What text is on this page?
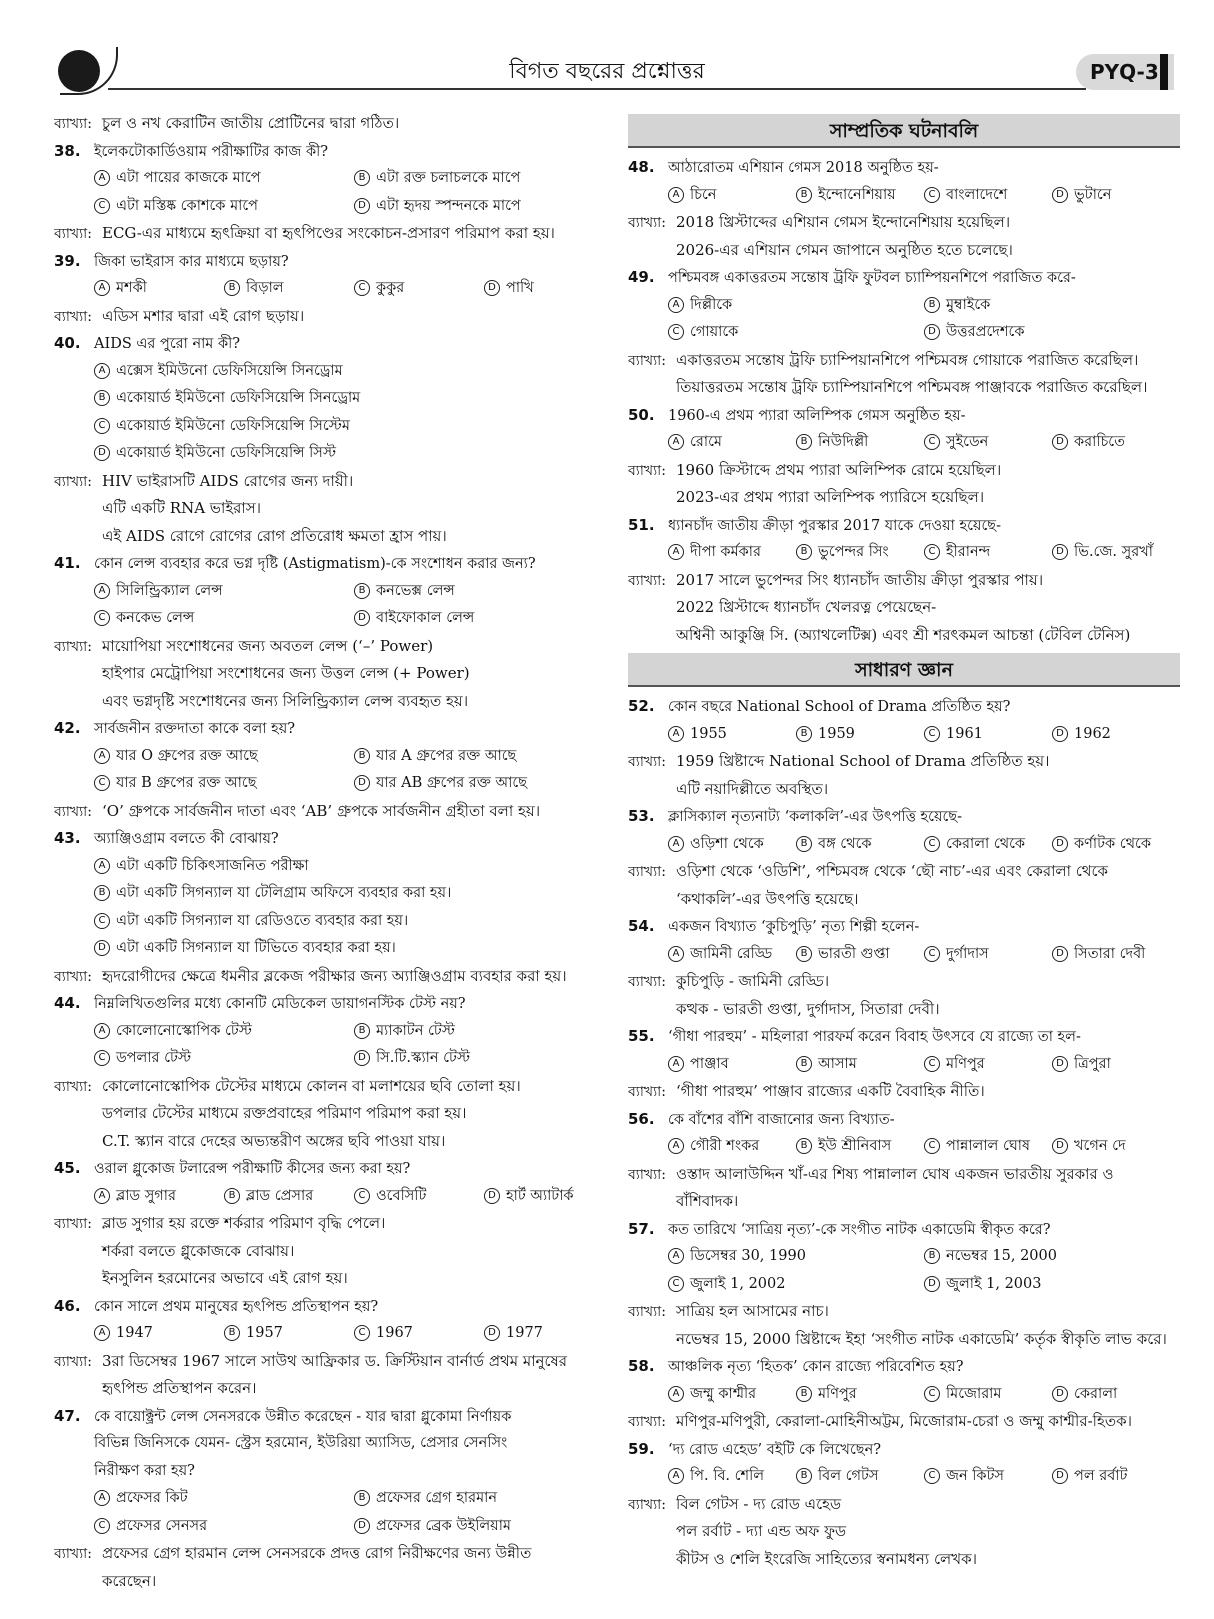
বিগত বছরের প্রশ্নোত্তর	PYQ-3
ব্যাখ্যা: চুল ও নখ কেরাটিন জাতীয় প্রোটিনের দ্বারা গঠিত।
38. ইলেকটোকার্ডিওয়াম পরীক্ষাটির কাজ কী?
A এটা পায়ের কাজকে মাপে	B এটা রক্ত চলাচলকে মাপে
C এটা মস্তিষ্ক কোশকে মাপে	D এটা হৃদয় স্পন্দনকে মাপে
ব্যাখ্যা: ECG-এর মাধ্যমে হৃৎক্রিয়া বা হৃৎপিণ্ডের সংকোচন-প্রসারণ পরিমাপ করা হয়।
39. জিকা ভাইরাস কার মাধ্যমে ছড়ায়?
A মশকী	B বিড়াল	C কুকুর	D পাখি
ব্যাখ্যা: এডিস মশার দ্বারা এই রোগ ছড়ায়।
40. AIDS এর পুরো নাম কী?
A এক্সেস ইমিউনো ডেফিসিয়েন্সি সিনড্রোম
B একোয়ার্ড ইমিউনো ডেফিসিয়েন্সি সিনড্রোম
C একোয়ার্ড ইমিউনো ডেফিসিয়েন্সি সিস্টেম
D একোয়ার্ড ইমিউনো ডেফিসিয়েন্সি সিস্ট
ব্যাখ্যা: HIV ভাইরাসটি AIDS রোগের জন্য দায়ী।
এটি একটি RNA ভাইরাস।
এই AIDS রোগে রোগের রোগ প্রতিরোধ ক্ষমতা হ্রাস পায়।
41. কোন লেন্স ব্যবহার করে ভগ্ন দৃষ্টি (Astigmatism)-কে সংশোধন করার জন্য?
A সিলিন্ড্রিক্যাল লেন্স	B কনভেক্স লেন্স
C কনকেভ লেন্স	D বাইফোকাল লেন্স
ব্যাখ্যা: মায়োপিয়া সংশোধনের জন্য অবতল লেন্স (‘–’ Power)
হাইপার মেট্রোপিয়া সংশোধনের জন্য উত্তল লেন্স (+ Power)
এবং ভগ্নদৃষ্টি সংশোধনের জন্য সিলিন্ড্রিক্যাল লেন্স ব্যবহৃত হয়।
42. সার্বজনীন রক্তদাতা কাকে বলা হয়?
A যার O গ্রুপের রক্ত আছে	B যার A গ্রুপের রক্ত আছে
C যার B গ্রুপের রক্ত আছে	D যার AB গ্রুপের রক্ত আছে
ব্যাখ্যা: ‘O’ গ্রুপকে সার্বজনীন দাতা এবং ‘AB’ গ্রুপকে সার্বজনীন গ্রহীতা বলা হয়।
43. অ্যাঞ্জিওগ্রাম বলতে কী বোঝায়?
A এটা একটি চিকিৎসাজনিত পরীক্ষা
B এটা একটি সিগন্যাল যা টেলিগ্রাম অফিসে ব্যবহার করা হয়।
C এটা একটি সিগন্যাল যা রেডিওতে ব্যবহার করা হয়।
D এটা একটি সিগন্যাল যা টিভিতে ব্যবহার করা হয়।
ব্যাখ্যা: হৃদরোগীদের ক্ষেত্রে ধমনীর ব্লকেজ পরীক্ষার জন্য অ্যাঞ্জিওগ্রাম ব্যবহার করা হয়।
44. নিম্নলিখিতগুলির মধ্যে কোনটি মেডিকেল ডায়াগনস্টিক টেস্ট নয়?
A কোলোনোস্কোপিক টেস্ট	B ম্যাকাটন টেস্ট
C ডপলার টেস্ট	D সি.টি.স্ক্যান টেস্ট
ব্যাখ্যা: কোলোনোস্কোপিক টেস্টের মাধ্যমে কোলন বা মলাশয়ের ছবি তোলা হয়।
ডপলার টেস্টের মাধ্যমে রক্তপ্রবাহের পরিমাণ পরিমাপ করা হয়।
C.T. স্ক্যান বারে দেহের অভ্যন্তরীণ অঙ্গের ছবি পাওয়া যায়।
45. ওরাল গ্লুকোজ টলারেন্স পরীক্ষাটি কীসের জন্য করা হয়?
A ব্লাড সুগার	B ব্লাড প্রেসার	C ওবেসিটি	D হার্ট অ্যাটার্ক
ব্যাখ্যা: ব্লাড সুগার হয় রক্তে শর্করার পরিমাণ বৃদ্ধি পেলে।
শর্করা বলতে গ্লুকোজকে বোঝায়।
ইনসুলিন হরমোনের অভাবে এই রোগ হয়।
46. কোন সালে প্রথম মানুষের হৃৎপিন্ড প্রতিস্থাপন হয়?
A 1947	B 1957	C 1967	D 1977
ব্যাখ্যা: 3রা ডিসেম্বর 1967 সালে সাউথ আফ্রিকার ড. ক্রিস্টিয়ান বার্নার্ড প্রথম মানুষের
হৃৎপিন্ড প্রতিস্থাপন করেন।
47. কে বায়োক্ট্রন্ট লেন্স সেনসরকে উন্নীত করেছেন - যার দ্বারা গ্লুকোমা নির্ণায়ক
বিভিন্ন জিনিসকে যেমন- স্ট্রেস হরমোন, ইউরিয়া অ্যাসিড, প্রেসার সেনসিং
নিরীক্ষণ করা হয়?
A প্রফেসর কিট	B প্রফেসর গ্রেগ হারমান
C প্রফেসর সেনসর	D প্রফেসর ব্রেক উইলিয়াম
ব্যাখ্যা: প্রফেসর গ্রেগ হারমান লেন্স সেনসরকে প্রদত্ত রোগ নিরীক্ষণের জন্য উন্নীত
করেছেন।
সাম্প্রতিক ঘটনাবলি
48. আঠারোতম এশিয়ান গেমস 2018 অনুষ্ঠিত হয়-
A চিনে	B ইন্দোনেশিয়ায়	C বাংলাদেশে	D ভুটানে
ব্যাখ্যা: 2018 খ্রিস্টাব্দের এশিয়ান গেমস ইন্দোনেশিয়ায় হয়েছিল।
2026-এর এশিয়ান গেমন জাপানে অনুষ্ঠিত হতে চলেছে।
49. পশ্চিমবঙ্গ একাত্তরতম সন্তোষ ট্রফি ফুটবল চ্যাম্পিয়নশিপে পরাজিত করে-
A দিল্লীকে	B মুম্বাইকে
C গোয়াকে	D উত্তরপ্রদেশকে
ব্যাখ্যা: একাত্তরতম সন্তোষ ট্রফি চ্যাম্পিয়ানশিপে পশ্চিমবঙ্গ গোয়াকে পরাজিত করেছিল।
তিয়াত্তরতম সন্তোষ ট্রফি চ্যাম্পিয়ানশিপে পশ্চিমবঙ্গ পাঞ্জাবকে পরাজিত করেছিল।
50. 1960-এ প্রথম প্যারা অলিম্পিক গেমস অনুষ্ঠিত হয়-
A রোমে	B নিউদিল্লী	C সুইডেন	D করাচিতে
ব্যাখ্যা: 1960 ক্রিস্টাব্দে প্রথম প্যারা অলিম্পিক রোমে হয়েছিল।
2023-এর প্রথম প্যারা অলিম্পিক প্যারিসে হয়েছিল।
51. ধ্যানচাঁদ জাতীয় ক্রীড়া পুরস্কার 2017 যাকে দেওয়া হয়েছে-
A দীপা কর্মকার	B ভুপেন্দর সিং	C হীরানন্দ	D ভি.জে. সুরখাঁ
ব্যাখ্যা: 2017 সালে ভুপেন্দর সিং ধ্যানচাঁদ জাতীয় ক্রীড়া পুরস্কার পায়।
2022 খ্রিস্টাব্দে ধ্যানচাঁদ খেলরত্ন পেয়েছেন-
অশ্বিনী আকুঞ্জি সি. (অ্যাথলেটিক্স) এবং শ্রী শরৎকমল আচন্তা (টেবিল টেনিস)
সাধারণ জ্ঞান
52. কোন বছরে National School of Drama প্রতিষ্ঠিত হয়?
A 1955	B 1959	C 1961	D 1962
ব্যাখ্যা: 1959 খ্রিষ্টাব্দে National School of Drama প্রতিষ্ঠিত হয়।
এটি নয়াদিল্লীতে অবস্থিত।
53. ক্লাসিক্যাল নৃত্যনাট্য ‘কলাকলি’-এর উৎপত্তি হয়েছে-
A ওড়িশা থেকে	B বঙ্গ থেকে	C কেরালা থেকে	D কর্ণাটক থেকে
ব্যাখ্যা: ওড়িশা থেকে ‘ওডিশি’, পশ্চিমবঙ্গ থেকে ‘ছৌ নাচ’-এর এবং কেরালা থেকে
‘কথাকলি’-এর উৎপত্তি হয়েছে।
54. একজন বিখ্যাত ‘কুচিপুড়ি’ নৃত্য শিল্পী হলেন-
A জামিনী রেড্ডি	B ভারতী গুপ্তা	C দুর্গাদাস	D সিতারা দেবী
ব্যাখ্যা: কুচিপুড়ি - জামিনী রেড্ডি।
কত্থক - ভারতী গুপ্তা, দুর্গাদাস, সিতারা দেবী।
55. ‘গীধা পারহুম’ - মহিলারা পারফর্ম করেন বিবাহ উৎসবে যে রাজ্যে তা হল-
A পাঞ্জাব	B আসাম	C মণিপুর	D ত্রিপুরা
ব্যাখ্যা: ‘গীধা পারহুম’ পাঞ্জাব রাজ্যের একটি বৈবাহিক নীতি।
56. কে বাঁশের বাঁশি বাজানোর জন্য বিখ্যাত-
A গৌরী শংকর	B ইউ শ্রীনিবাস	C পান্নালাল ঘোষ	D খগেন দে
ব্যাখ্যা: ওস্তাদ আলাউদ্দিন খাঁ-এর শিষ্য পান্নালাল ঘোষ একজন ভারতীয় সুরকার ও
বাঁশিবাদক।
57. কত তারিখে ‘সাত্রিয় নৃত্য’-কে সংগীত নাটক একাডেমি স্বীকৃত করে?
A ডিসেম্বর 30, 1990	B নভেম্বর 15, 2000
C জুলাই 1, 2002	D জুলাই 1, 2003
ব্যাখ্যা: সাত্রিয় হল আসামের নাচ।
নভেম্বর 15, 2000 খ্রিষ্টাব্দে ইহা ‘সংগীত নাটক একাডেমি’ কর্তৃক স্বীকৃতি লাভ করে।
58. আঞ্চলিক নৃত্য ‘হিতক’ কোন রাজ্যে পরিবেশিত হয়?
A জম্মু কাশ্মীর	B মণিপুর	C মিজোরাম	D কেরালা
ব্যাখ্যা: মণিপুর-মণিপুরী, কেরালা-মোহিনীঅট্টম, মিজোরাম-চেরা ও জম্মু কাশ্মীর-হিতক।
59. ‘দ্য রোড এহেড’ বইটি কে লিখেছেন?
A পি. বি. শেলি	B বিল গেটস	C জন কিটস	D পল রর্বাট
ব্যাখ্যা: বিল গেটস - দ্য রোড এহেড
পল রর্বাট - দ্যা এন্ড অফ ফুড
কীটস ও শেলি ইংরেজি সাহিত্যের স্বনামধন্য লেখক।
